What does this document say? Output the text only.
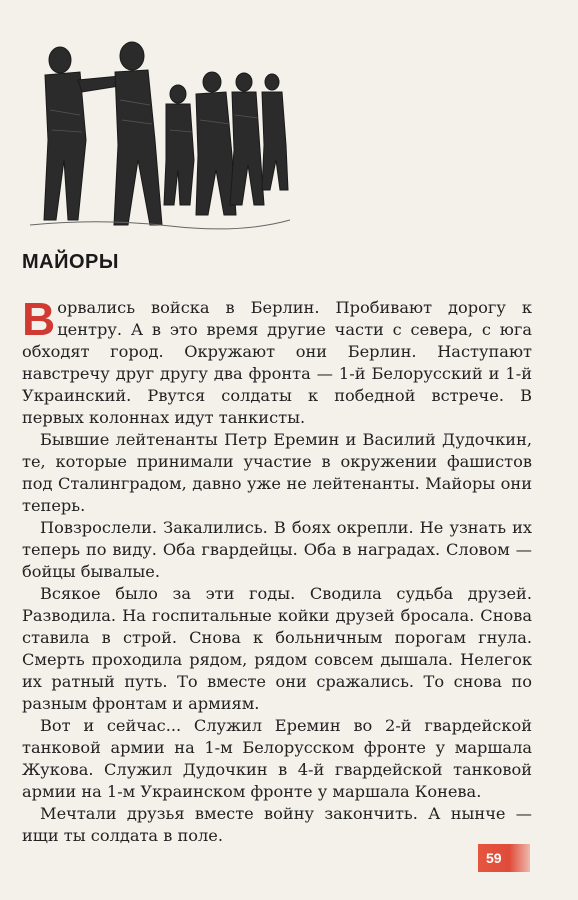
МАЙОРЫ

Ворвались войска в Берлин. Пробивают дорогу к центру. А в это время другие части с севера, с юга обходят город. Окружают они Берлин. Наступают навстречу друг другу два фронта — 1-й Белорусский и 1-й Украинский. Рвутся солдаты к победной встрече. В первых колоннах идут танкисты.

Бывшие лейтенанты Петр Еремин и Василий Дудочкин, те, которые принимали участие в окружении фашистов под Сталинградом, давно уже не лейтенанты. Майоры они теперь.

Повзрослели. Закалились. В боях окрепли. Не узнать их теперь по виду. Оба гвардейцы. Оба в наградах. Словом — бойцы бывалые.

Всякое было за эти годы. Сводила судьба друзей. Разводила. На госпитальные койки друзей бросала. Снова ставила в строй. Снова к больничным порогам гнула. Смерть проходила рядом, рядом совсем дышала. Нелегок их ратный путь. То вместе они сражались. То снова по разным фронтам и армиям.

Вот и сейчас... Служил Еремин во 2-й гвардейской танковой армии на 1-м Белорусском фронте у маршала Жукова. Служил Дудочкин в 4-й гвардейской танковой армии на 1-м Украинском фронте у маршала Конева.

Мечтали друзья вместе войну закончить. А нынче — ищи ты солдата в поле.

59
